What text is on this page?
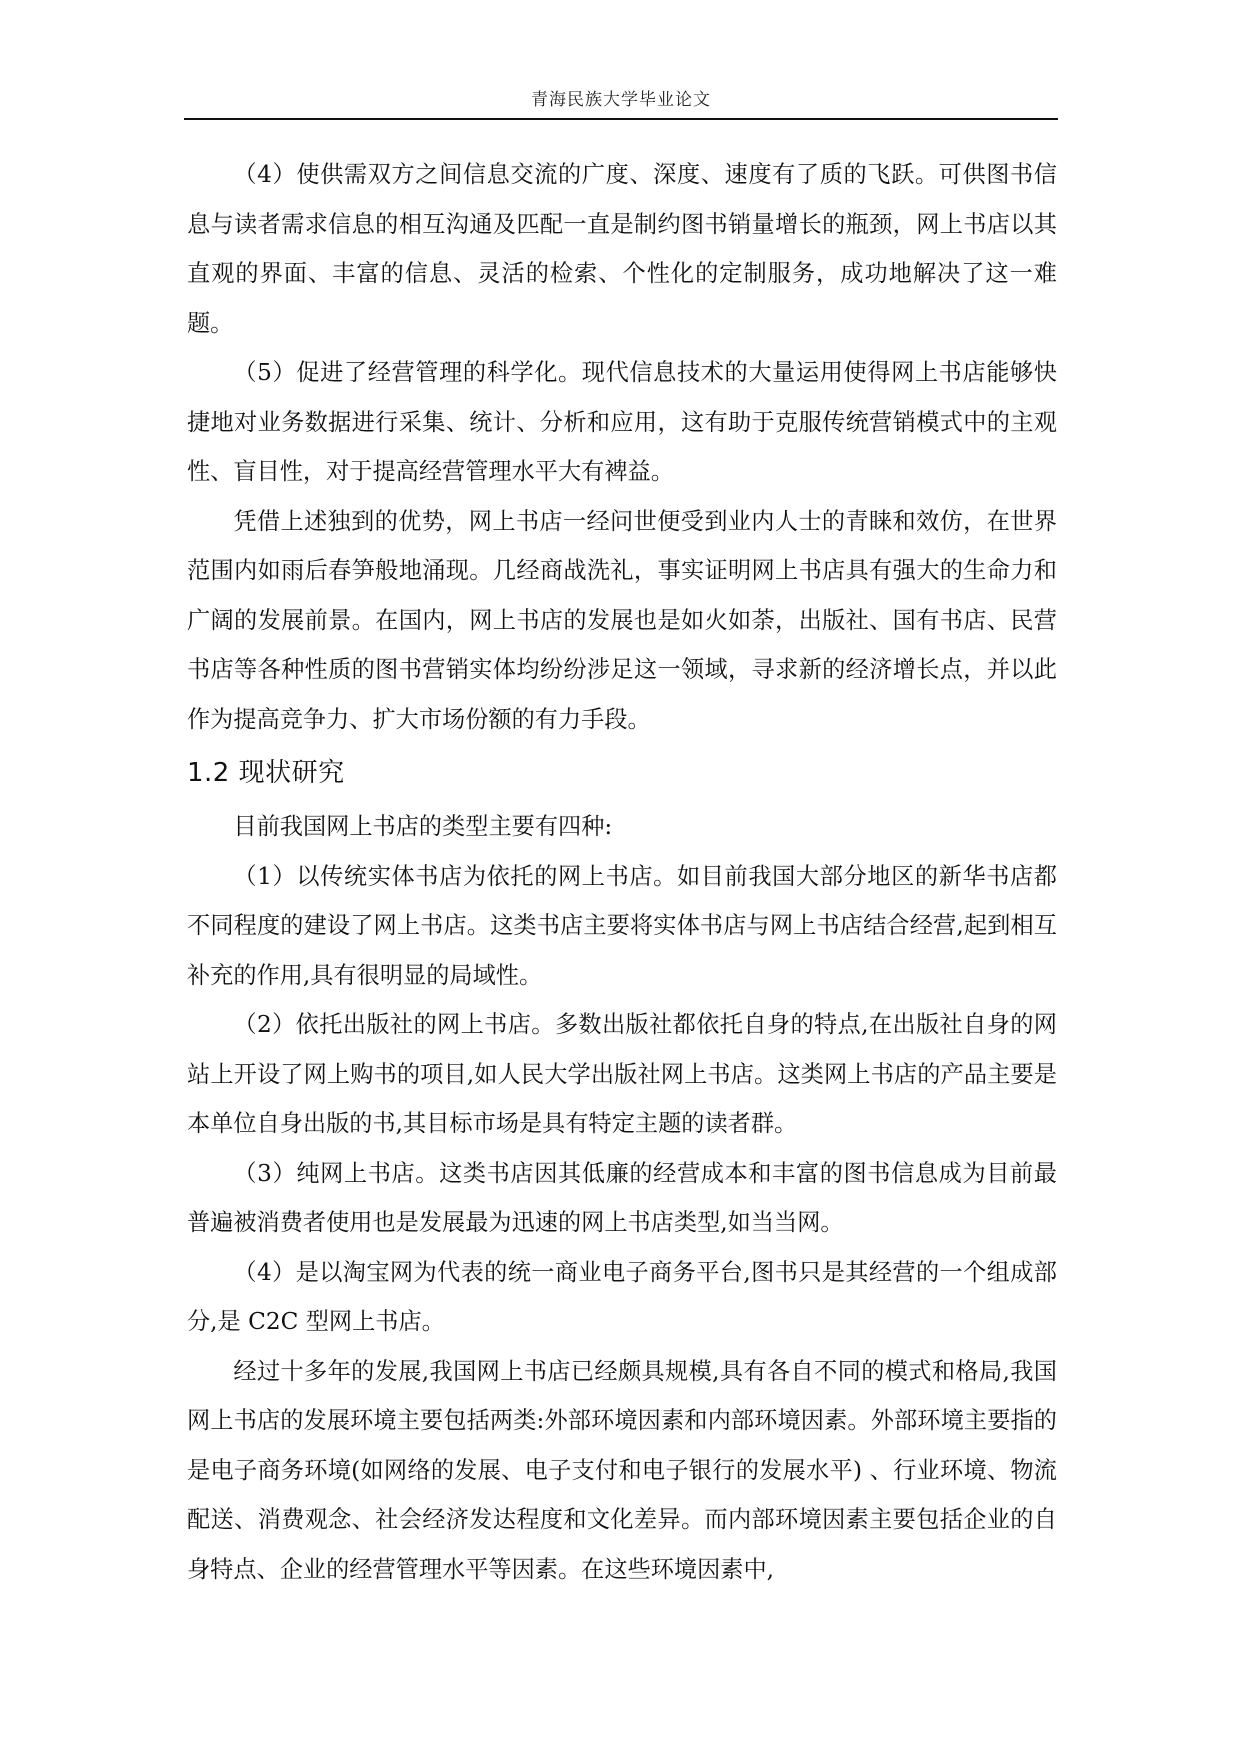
青海民族大学毕业论文

（4）使供需双方之间信息交流的广度、深度、速度有了质的飞跃。可供图书信息与读者需求信息的相互沟通及匹配一直是制约图书销量增长的瓶颈，网上书店以其直观的界面、丰富的信息、灵活的检索、个性化的定制服务，成功地解决了这一难题。

（5）促进了经营管理的科学化。现代信息技术的大量运用使得网上书店能够快捷地对业务数据进行采集、统计、分析和应用，这有助于克服传统营销模式中的主观性、盲目性，对于提高经营管理水平大有裨益。

凭借上述独到的优势，网上书店一经问世便受到业内人士的青睐和效仿，在世界范围内如雨后春笋般地涌现。几经商战洗礼，事实证明网上书店具有强大的生命力和广阔的发展前景。在国内，网上书店的发展也是如火如荼，出版社、国有书店、民营书店等各种性质的图书营销实体均纷纷涉足这一领域，寻求新的经济增长点，并以此作为提高竞争力、扩大市场份额的有力手段。

1.2 现状研究

目前我国网上书店的类型主要有四种:

（1）以传统实体书店为依托的网上书店。如目前我国大部分地区的新华书店都不同程度的建设了网上书店。这类书店主要将实体书店与网上书店结合经营,起到相互补充的作用,具有很明显的局域性。

（2）依托出版社的网上书店。多数出版社都依托自身的特点,在出版社自身的网站上开设了网上购书的项目,如人民大学出版社网上书店。这类网上书店的产品主要是本单位自身出版的书,其目标市场是具有特定主题的读者群。

（3）纯网上书店。这类书店因其低廉的经营成本和丰富的图书信息成为目前最普遍被消费者使用也是发展最为迅速的网上书店类型,如当当网。

（4）是以淘宝网为代表的统一商业电子商务平台,图书只是其经营的一个组成部分,是 C2C 型网上书店。

经过十多年的发展,我国网上书店已经颇具规模,具有各自不同的模式和格局,我国网上书店的发展环境主要包括两类:外部环境因素和内部环境因素。外部环境主要指的是电子商务环境(如网络的发展、电子支付和电子银行的发展水平) 、行业环境、物流配送、消费观念、社会经济发达程度和文化差异。而内部环境因素主要包括企业的自身特点、企业的经营管理水平等因素。在这些环境因素中,
